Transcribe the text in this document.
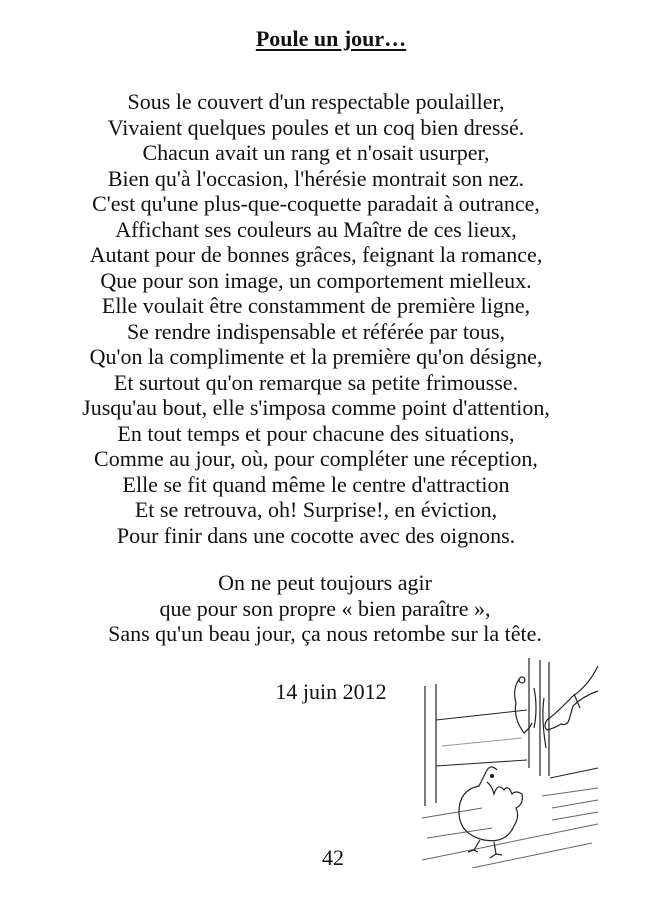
Poule un jour…
Sous le couvert d'un respectable poulailler,
Vivaient quelques poules et un coq bien dressé.
Chacun avait un rang et n'osait usurper,
Bien qu'à l'occasion, l'hérésie montrait son nez.
C'est qu'une plus-que-coquette paradait à outrance,
Affichant ses couleurs au Maître de ces lieux,
Autant pour de bonnes grâces, feignant la romance,
Que pour son image, un comportement mielleux.
Elle voulait être constamment de première ligne,
Se rendre indispensable et référée par tous,
Qu'on la complimente et la première qu'on désigne,
Et surtout qu'on remarque sa petite frimousse.
Jusqu'au bout, elle s'imposa comme point d'attention,
En tout temps et pour chacune des situations,
Comme au jour, où, pour compléter une réception,
Elle se fit quand même le centre d'attraction
Et se retrouva, oh! Surprise!, en éviction,
Pour finir dans une cocotte avec des oignons.
On ne peut toujours agir
que pour son propre « bien paraître »,
Sans qu'un beau jour, ça nous retombe sur la tête.
14 juin 2012
42
